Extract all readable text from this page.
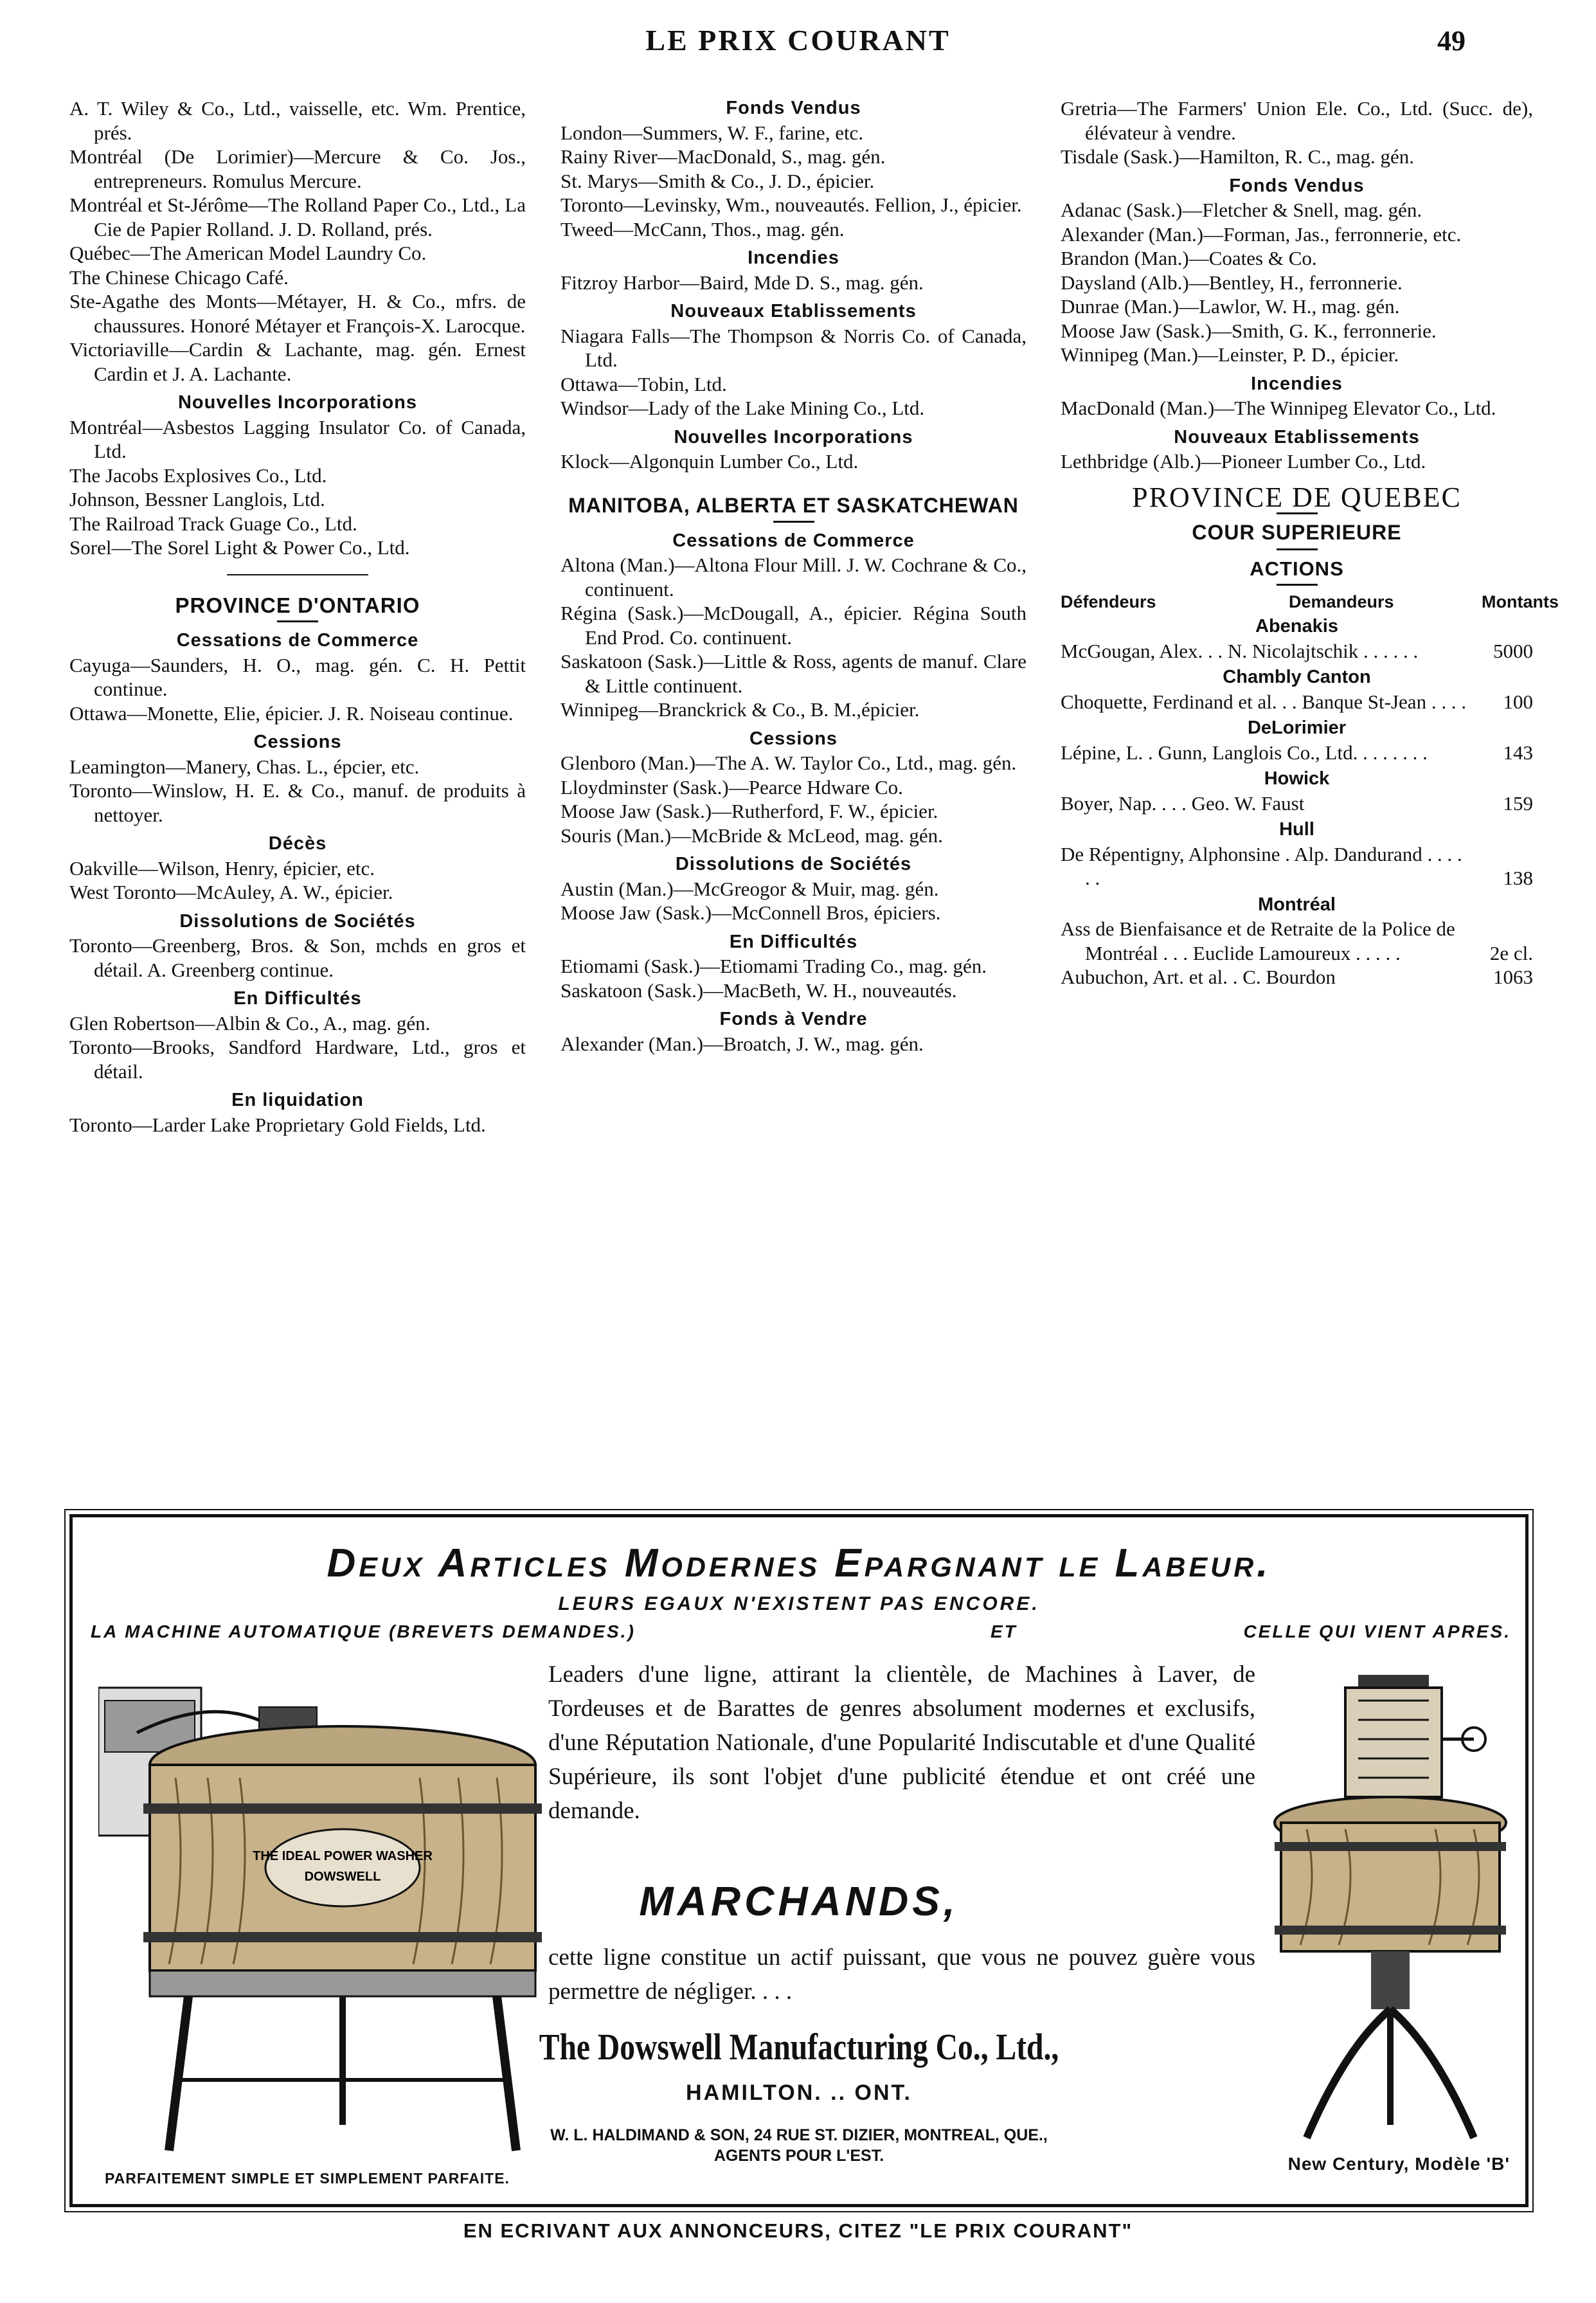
LE PRIX COURANT	49
A. T. Wiley & Co., Ltd., vaisselle, etc. Wm. Prentice, prés.
Montréal (De Lorimier)—Mercure & Co. Jos., entrepreneurs. Romulus Mercure.
Montréal et St-Jérôme—The Rolland Paper Co., Ltd., La Cie de Papier Rolland. J. D. Rolland, prés.
Québec—The American Model Laundry Co.
The Chinese Chicago Café.
Ste-Agathe des Monts—Métayer, H. & Co., mfrs. de chaussures. Honoré Métayer et François-X. Larocque.
Victoriaville—Cardin & Lachante, mag. gén. Ernest Cardin et J. A. Lachante.
Nouvelles Incorporations
Montréal—Asbestos Lagging Insulator Co. of Canada, Ltd.
The Jacobs Explosives Co., Ltd.
Johnson, Bessner Langlois, Ltd.
The Railroad Track Guage Co., Ltd.
Sorel—The Sorel Light & Power Co., Ltd.
PROVINCE D'ONTARIO
Cessations de Commerce
Cayuga—Saunders, H. O., mag. gén. C. H. Pettit continue.
Ottawa—Monette, Elie, épicier. J. R. Noiseau continue.
Cessions
Leamington—Manery, Chas. L., épcier, etc.
Toronto—Winslow, H. E. & Co., manuf. de produits à nettoyer.
Décès
Oakville—Wilson, Henry, épicier, etc.
West Toronto—McAuley, A. W., épicier.
Dissolutions de Sociétés
Toronto—Greenberg, Bros. & Son, mchds en gros et détail. A. Greenberg continue.
En Difficultés
Glen Robertson—Albin & Co., A., mag. gén.
Toronto—Brooks, Sandford Hardware, Ltd., gros et détail.
En liquidation
Toronto—Larder Lake Proprietary Gold Fields, Ltd.
Fonds Vendus
London—Summers, W. F., farine, etc.
Rainy River—MacDonald, S., mag. gén.
St. Marys—Smith & Co., J. D., épicier.
Toronto—Levinsky, Wm., nouveautés. Fellion, J., épicier.
Tweed—McCann, Thos., mag. gén.
Incendies
Fitzroy Harbor—Baird, Mde D. S., mag. gén.
Nouveaux Etablissements
Niagara Falls—The Thompson & Norris Co. of Canada, Ltd.
Ottawa—Tobin, Ltd.
Windsor—Lady of the Lake Mining Co., Ltd.
Nouvelles Incorporations
Klock—Algonquin Lumber Co., Ltd.
MANITOBA, ALBERTA ET SASKATCHEWAN
Cessations de Commerce
Altona (Man.)—Altona Flour Mill. J. W. Cochrane & Co., continuent.
Régina (Sask.)—McDougall, A., épicier. Régina South End Prod. Co. continuent.
Saskatoon (Sask.)—Little & Ross, agents de manuf. Clare & Little continuent.
Winnipeg—Branckrick & Co., B. M.,épicier.
Cessions
Glenboro (Man.)—The A. W. Taylor Co., Ltd., mag. gén.
Lloydminster (Sask.)—Pearce Hdware Co.
Moose Jaw (Sask.)—Rutherford, F. W., épicier.
Souris (Man.)—McBride & McLeod, mag. gén.
Dissolutions de Sociétés
Austin (Man.)—McGreogor & Muir, mag. gén.
Moose Jaw (Sask.)—McConnell Bros, épiciers.
En Difficultés
Etiomami (Sask.)—Etiomami Trading Co., mag. gén.
Saskatoon (Sask.)—MacBeth, W. H., nouveautés.
Fonds à Vendre
Alexander (Man.)—Broatch, J. W., mag. gén.
Gretria—The Farmers' Union Ele. Co., Ltd. (Succ. de), élévateur à vendre.
Tisdale (Sask.)—Hamilton, R. C., mag. gén.
Fonds Vendus
Adanac (Sask.)—Fletcher & Snell, mag. gén.
Alexander (Man.)—Forman, Jas., ferronnerie, etc.
Brandon (Man.)—Coates & Co.
Daysland (Alb.)—Bentley, H., ferronnerie.
Dunrae (Man.)—Lawlor, W. H., mag. gén.
Moose Jaw (Sask.)—Smith, G. K., ferronnerie.
Winnipeg (Man.)—Leinster, P. D., épicier.
Incendies
MacDonald (Man.)—The Winnipeg Elevator Co., Ltd.
Nouveaux Etablissements
Lethbridge (Alb.)—Pioneer Lumber Co., Ltd.
PROVINCE DE QUEBEC
COUR SUPERIEURE
ACTIONS
Défendeurs	Demandeurs	Montants
Abenakis
McGougan, Alex. . . N. Nicolajtschik . . . . . .	5000
Chambly Canton
Choquette, Ferdinand et al. . . Banque St-Jean . . . .	100
DeLorimier
Lépine, L. . Gunn, Langlois Co., Ltd. . . . . . . .	143
Howick
Boyer, Nap. . . . Geo. W. Faust	159
Hull
De Répentigny, Alphonsine . Alp. Dandurand . . . . . .	138
Montréal
Ass de Bienfaisance et de Retraite de la Police de Montréal . . . Euclide Lamoureux . . . . .	2e cl.
Aubuchon, Art. et al. . C. Bourdon	1063
Deux Articles Modernes Epargnant le Labeur.
LEURS EGAUX N'EXISTENT PAS ENCORE.
LA MACHINE AUTOMATIQUE (BREVETS DEMANDES.)	ET	CELLE QUI VIENT APRES.
THE IDEAL POWER WASHER
DOWSWELL
Leaders d'une ligne, attirant la clientèle, de Machines à Laver, de Tordeuses et de Barattes de genres absolument modernes et exclusifs, d'une Réputation Nationale, d'une Popularité Indiscutable et d'une Qualité Supérieure, ils sont l'objet d'une publicité étendue et ont créé une demande.
MARCHANDS,
cette ligne constitue un actif puissant, que vous ne pouvez guère vous permettre de négliger. . . .
The Dowswell Manufacturing Co., Ltd.,
HAMILTON. .. ONT.
W. L. HALDIMAND & SON, 24 RUE ST. DIZIER, MONTREAL, QUE.,
AGENTS POUR L'EST.
PARFAITEMENT SIMPLE ET SIMPLEMENT PARFAITE.
New Century, Modèle 'B'
EN ECRIVANT AUX ANNONCEURS, CITEZ "LE PRIX COURANT"
